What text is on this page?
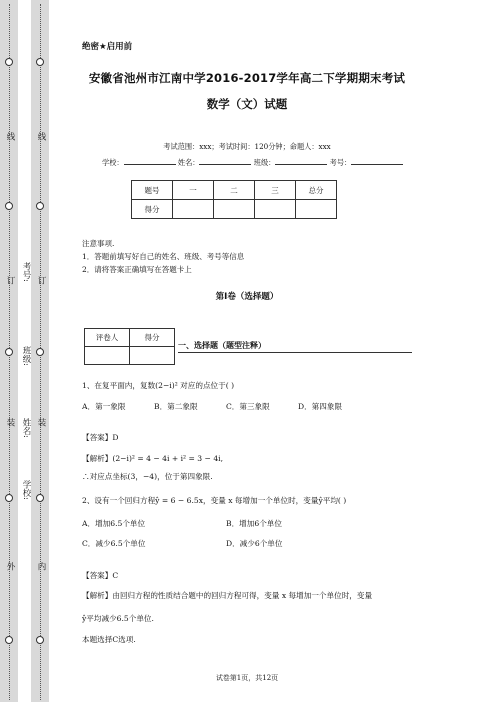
线
订
装
外
线
订
装
内
学校:
姓名:
班级:
考号:
绝密★启用前
安徽省池州市江南中学2016-2017学年高二下学期期末考试
数学（文）试题
考试范围：xxx；考试时间：120分钟；命题人：xxx
学校：	姓名：	班级：	考号：
题号	一	二	三	总分
得分				
注意事项.
1．答题前填写好自己的姓名、班级、考号等信息
2．请将答案正确填写在答题卡上
第I卷（选择题）
评卷人	得分

一、选择题（题型注释）
1、在复平面内，复数(2−i)² 对应的点位于( )
A．第一象限	B．第二象限	C．第三象限	D．第四象限
【答案】D
【解析】(2−i)² = 4 − 4i + i² = 3 − 4i,
∴对应点坐标(3，−4)，位于第四象限.
2、设有一个回归方程ŷ = 6 − 6.5x，变量 x 每增加一个单位时，变量ŷ平均( )
A．增加6.5个单位	B．增加6个单位
C．减少6.5个单位	D．减少6个单位
【答案】C
【解析】由回归方程的性质结合题中的回归方程可得，变量 x 每增加一个单位时，变量
ŷ平均减少6.5个单位.
本题选择C选项.
试卷第1页，共12页
